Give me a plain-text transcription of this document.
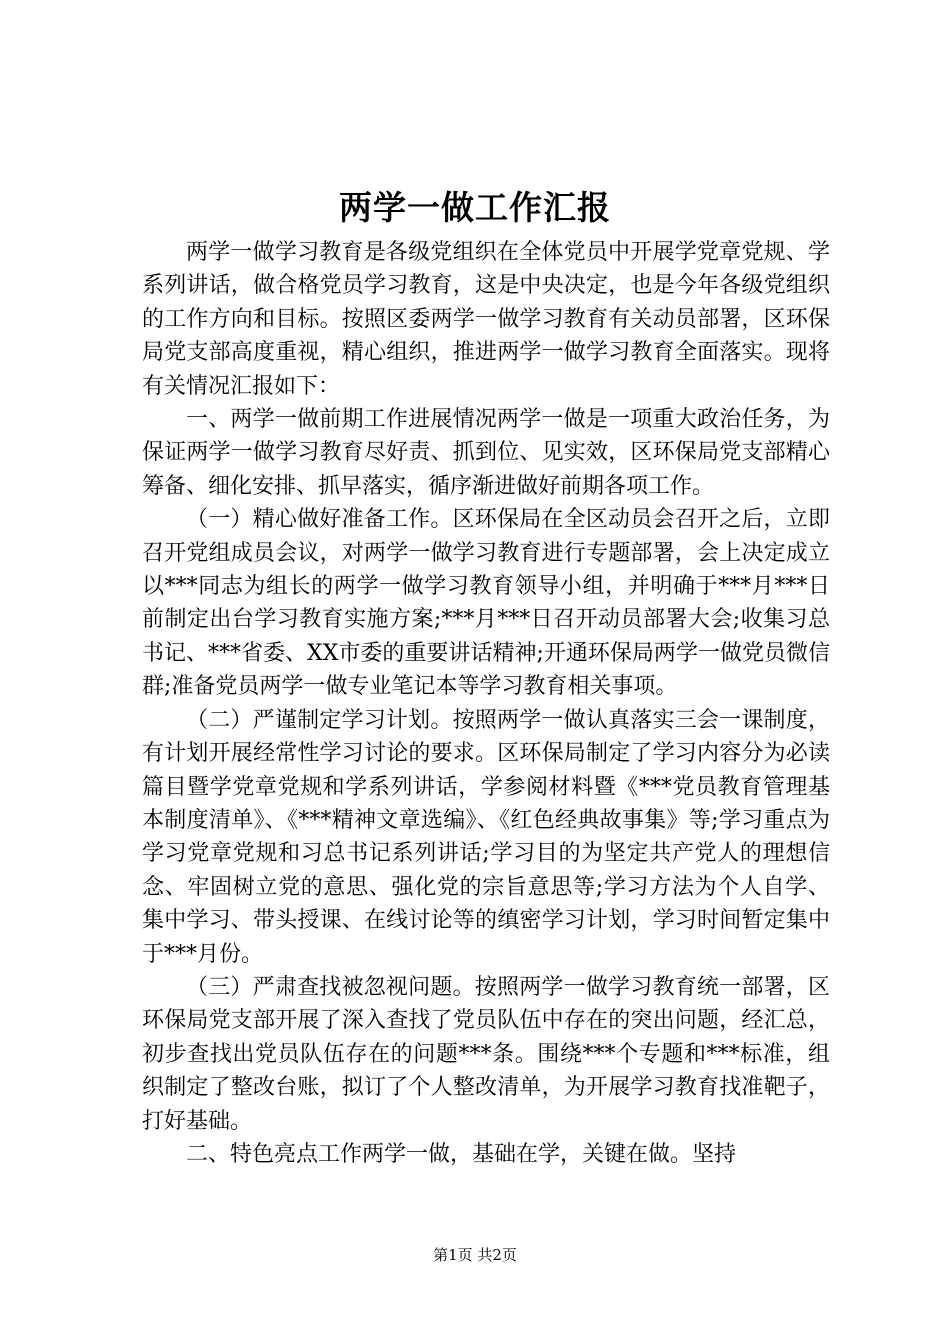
两学一做工作汇报

两学一做学习教育是各级党组织在全体党员中开展学党章党规、学系列讲话，做合格党员学习教育，这是中央决定，也是今年各级党组织的工作方向和目标。按照区委两学一做学习教育有关动员部署，区环保局党支部高度重视，精心组织，推进两学一做学习教育全面落实。现将有关情况汇报如下：

一、两学一做前期工作进展情况两学一做是一项重大政治任务，为保证两学一做学习教育尽好责、抓到位、见实效，区环保局党支部精心筹备、细化安排、抓早落实，循序渐进做好前期各项工作。

（一）精心做好准备工作。区环保局在全区动员会召开之后，立即召开党组成员会议，对两学一做学习教育进行专题部署，会上决定成立以***同志为组长的两学一做学习教育领导小组，并明确于***月***日前制定出台学习教育实施方案;***月***日召开动员部署大会;收集习总书记、***省委、XX市委的重要讲话精神;开通环保局两学一做党员微信群;准备党员两学一做专业笔记本等学习教育相关事项。

（二）严谨制定学习计划。按照两学一做认真落实三会一课制度，有计划开展经常性学习讨论的要求。区环保局制定了学习内容分为必读篇目暨学党章党规和学系列讲话，学参阅材料暨《***党员教育管理基本制度清单》、《***精神文章选编》、《红色经典故事集》等;学习重点为学习党章党规和习总书记系列讲话;学习目的为坚定共产党人的理想信念、牢固树立党的意思、强化党的宗旨意思等;学习方法为个人自学、集中学习、带头授课、在线讨论等的缜密学习计划，学习时间暂定集中于***月份。

（三）严肃查找被忽视问题。按照两学一做学习教育统一部署，区环保局党支部开展了深入查找了党员队伍中存在的突出问题，经汇总，初步查找出党员队伍存在的问题***条。围绕***个专题和***标准，组织制定了整改台账，拟订了个人整改清单，为开展学习教育找准靶子，打好基础。

二、特色亮点工作两学一做，基础在学，关键在做。坚持

第1页 共2页
